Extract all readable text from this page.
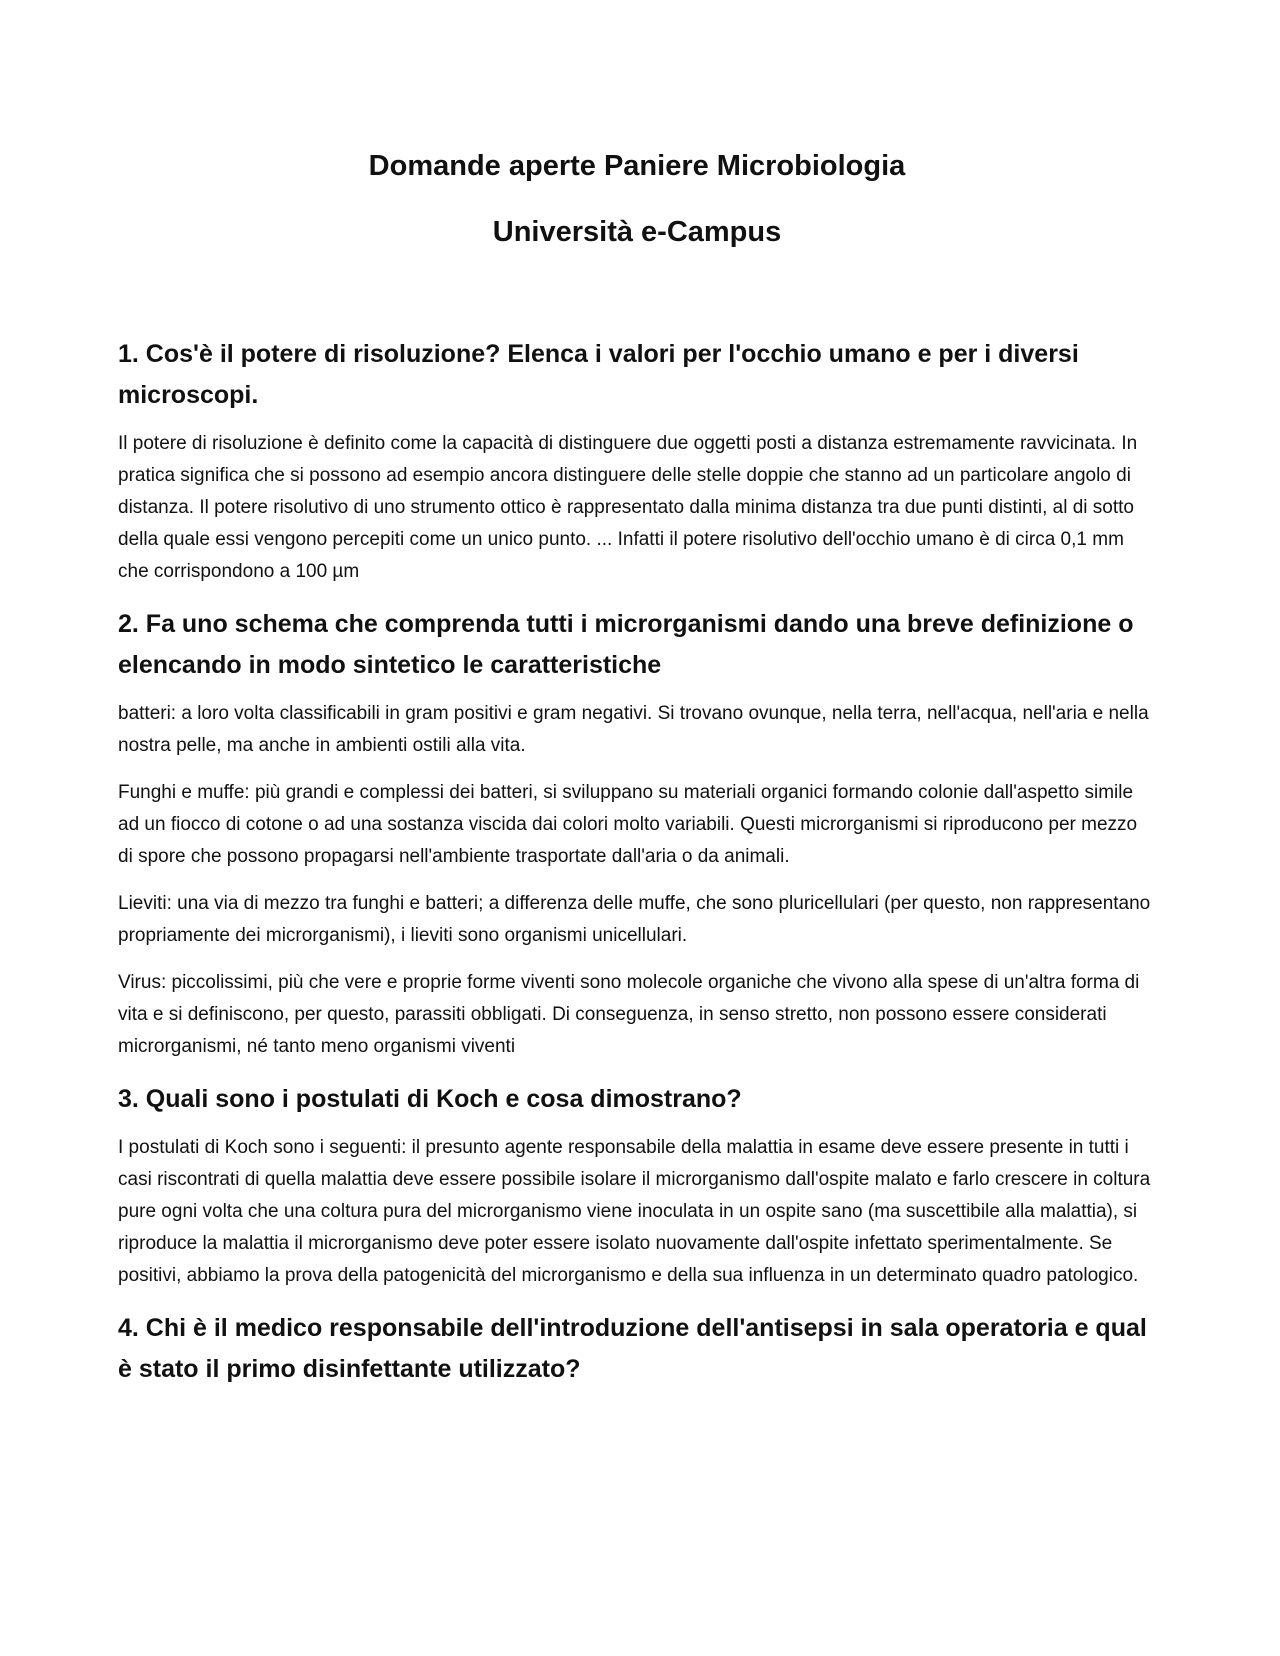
Domande aperte Paniere Microbiologia
Università e-Campus
1. Cos'è il potere di risoluzione? Elenca i valori per l'occhio umano e per i diversi microscopi.

Il potere di risoluzione è definito come la capacità di distinguere due oggetti posti a distanza estremamente ravvicinata. In pratica significa che si possono ad esempio ancora distinguere delle stelle doppie che stanno ad un particolare angolo di distanza. Il potere risolutivo di uno strumento ottico è rappresentato dalla minima distanza tra due punti distinti, al di sotto della quale essi vengono percepiti come un unico punto. ... Infatti il potere risolutivo dell'occhio umano è di circa 0,1 mm che corrispondono a 100 µm

2. Fa uno schema che comprenda tutti i microrganismi dando una breve definizione o elencando in modo sintetico le caratteristiche

batteri: a loro volta classificabili in gram positivi e gram negativi. Si trovano ovunque, nella terra, nell'acqua, nell'aria e nella nostra pelle, ma anche in ambienti ostili alla vita.

Funghi e muffe: più grandi e complessi dei batteri, si sviluppano su materiali organici formando colonie dall'aspetto simile ad un fiocco di cotone o ad una sostanza viscida dai colori molto variabili. Questi microrganismi si riproducono per mezzo di spore che possono propagarsi nell'ambiente trasportate dall'aria o da animali.

Lieviti: una via di mezzo tra funghi e batteri; a differenza delle muffe, che sono pluricellulari (per questo, non rappresentano propriamente dei microrganismi), i lieviti sono organismi unicellulari.

Virus: piccolissimi, più che vere e proprie forme viventi sono molecole organiche che vivono alla spese di un'altra forma di vita e si definiscono, per questo, parassiti obbligati. Di conseguenza, in senso stretto, non possono essere considerati microrganismi, né tanto meno organismi viventi

3. Quali sono i postulati di Koch e cosa dimostrano?

I postulati di Koch sono i seguenti: il presunto agente responsabile della malattia in esame deve essere presente in tutti i casi riscontrati di quella malattia deve essere possibile isolare il microrganismo dall'ospite malato e farlo crescere in coltura pure ogni volta che una coltura pura del microrganismo viene inoculata in un ospite sano (ma suscettibile alla malattia), si riproduce la malattia il microrganismo deve poter essere isolato nuovamente dall'ospite infettato sperimentalmente. Se positivi, abbiamo la prova della patogenicità del microrganismo e della sua influenza in un determinato quadro patologico.

4. Chi è il medico responsabile dell'introduzione dell'antisepsi in sala operatoria e qual è stato il primo disinfettante utilizzato?
